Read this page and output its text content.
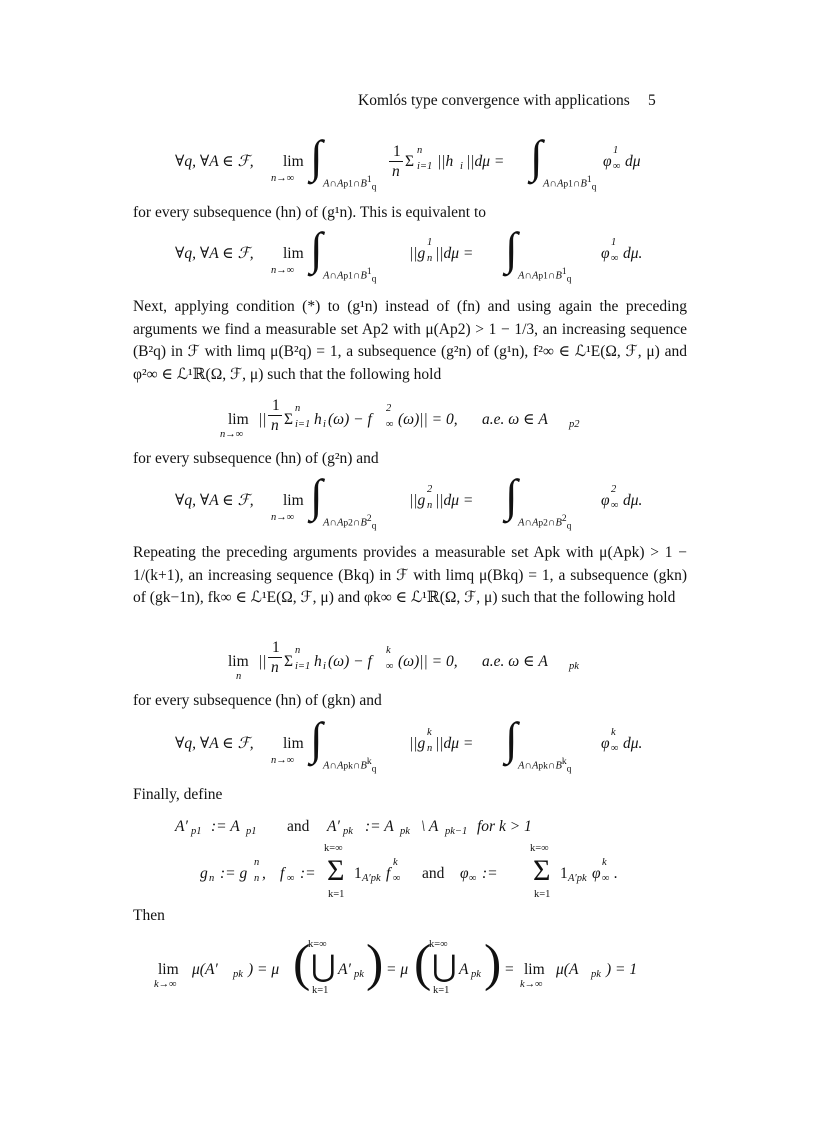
Komlós type convergence with applications 5
∀q, ∀A ∈ ℱ, lim
n→∞ ∫
$A\cap Ap1\cap B^1_q$
1
n
Σ
n
i=1 ||h i ||dμ = ∫
$A\cap Ap1\cap B^1_q$
φ
1
∞ dμ
for every subsequence (hn) of (g¹n). This is equivalent to
∀q, ∀A ∈ ℱ, lim
n→∞ ∫
$A\cap Ap1\cap B^1_q$
||g
1
n ||dμ = ∫
$A\cap Ap1\cap B^1_q$
φ
1
∞ dμ.
Next, applying condition (*) to (g¹n) instead of (fn) and using again the preceding arguments we find a measurable set Ap2 with μ(Ap2) > 1 − 1/3, an increasing sequence (B²q) in ℱ with limq μ(B²q) = 1, a subsequence (g²n) of (g¹n), f²∞ ∈ ℒ¹E(Ω, ℱ, μ) and φ²∞ ∈ ℒ¹ℝ(Ω, ℱ, μ) such that the following hold
lim
n→∞
||
1
n Σ
n
i=1 h i (ω) − f
2
∞ (ω)|| = 0, a.e. ω ∈ A p2
for every subsequence (hn) of (g²n) and
∀q, ∀A ∈ ℱ, lim
n→∞ ∫
$A\cap Ap2\cap B^2_q$
||g
2
n ||dμ = ∫
$A\cap Ap2\cap B^2_q$
φ
2
∞ dμ.
Repeating the preceding arguments provides a measurable set Apk with μ(Apk) > 1 − 1/(k+1), an increasing sequence (Bkq) in ℱ with limq μ(Bkq) = 1, a subsequence (gkn) of (gk−1n), fk∞ ∈ ℒ¹E(Ω, ℱ, μ) and φk∞ ∈ ℒ¹ℝ(Ω, ℱ, μ) such that the following hold
lim
n
||
1
n Σ
n
i=1 h i (ω) − f
k
∞ (ω)|| = 0, a.e. ω ∈ A pk
for every subsequence (hn) of (gkn) and
∀q, ∀A ∈ ℱ, lim
n→∞ ∫
$A\cap Apk\cap B^k_q$
||g
k
n ||dμ = ∫
$A\cap Apk\cap B^k_q$
φ
k
∞ dμ.
Finally, define
A′ p1 := A p1 and A′ pk := A pk \ A pk−1 for k > 1
g n := g
n
n , f ∞ :=
k=∞
Σ
k=1
1 A′pk f
k
∞ and φ ∞ :=
k=∞
Σ
k=1
1 A′pk φ
k
∞ .
Then
lim
k→∞
μ(A′ pk ) = μ (
k=∞
⋃
k=1
A′ pk ) = μ (
k=∞
⋃
k=1
A pk ) = lim
k→∞
μ(A pk ) = 1
